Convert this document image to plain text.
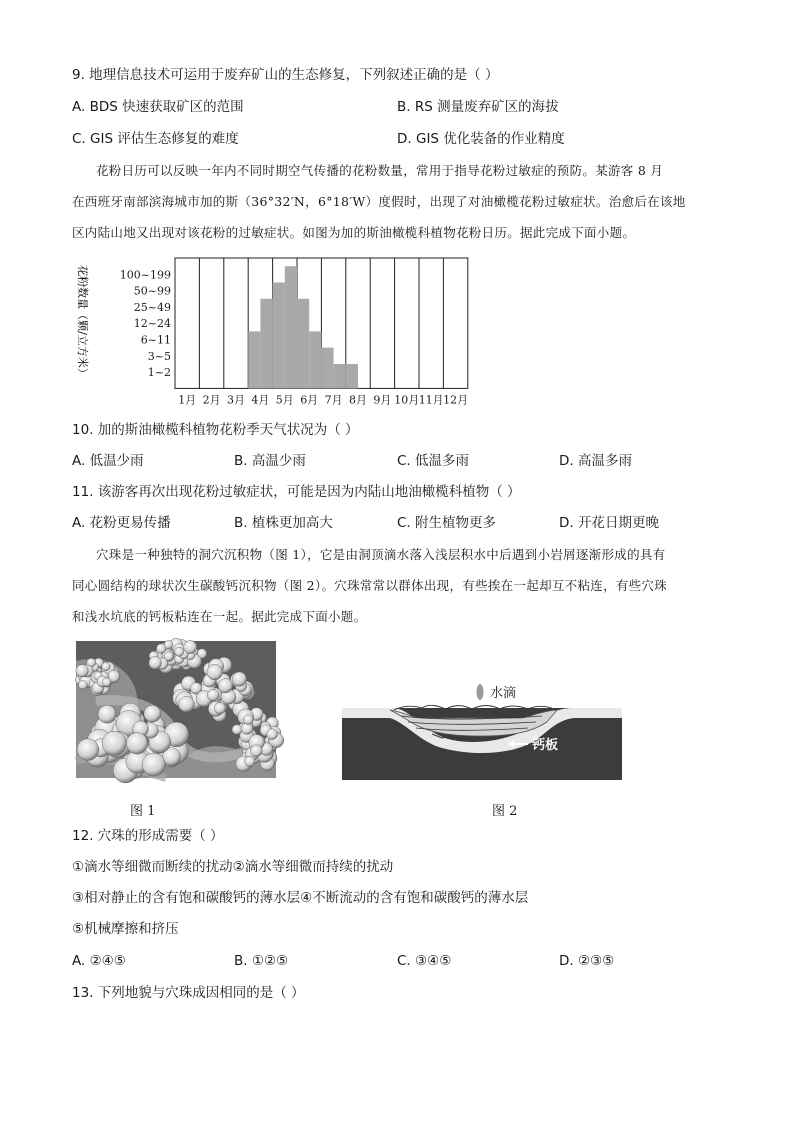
9. 地理信息技术可运用于废弃矿山的生态修复，下列叙述正确的是（ ）
A. BDS 快速获取矿区的范围	B. RS 测量废弃矿区的海拔
C. GIS 评估生态修复的难度	D. GIS 优化装备的作业精度
花粉日历可以反映一年内不同时期空气传播的花粉数量，常用于指导花粉过敏症的预防。某游客 8 月
在西班牙南部滨海城市加的斯（36°32′N，6°18′W）度假时，出现了对油橄榄花粉过敏症状。治愈后在该地
区内陆山地又出现对该花粉的过敏症状。如图为加的斯油橄榄科植物花粉日历。据此完成下面小题。
1~2
3~5
6~11
12~24
25~49
50~99
100~199
1月 2月 3月 4月 5月 6月 7月 8月 9月 10月 11月 12月
花粉数量（颗/立方米）
10. 加的斯油橄榄科植物花粉季天气状况为（ ）
A. 低温少雨	B. 高温少雨	C. 低温多雨	D. 高温多雨
11. 该游客再次出现花粉过敏症状，可能是因为内陆山地油橄榄科植物（ ）
A. 花粉更易传播	B. 植株更加高大	C. 附生植物更多	D. 开花日期更晚
穴珠是一种独特的洞穴沉积物（图 1），它是由洞顶滴水落入浅层积水中后遇到小岩屑逐渐形成的具有
同心圆结构的球状次生碳酸钙沉积物（图 2）。穴珠常常以群体出现，有些挨在一起却互不粘连，有些穴珠
和浅水坑底的钙板粘连在一起。据此完成下面小题。
图 1
水滴
钙板
图 2
12. 穴珠的形成需要（ ）
①滴水等细微而断续的扰动②滴水等细微而持续的扰动
③相对静止的含有饱和碳酸钙的薄水层④不断流动的含有饱和碳酸钙的薄水层
⑤机械摩擦和挤压
A. ②④⑤	B. ①②⑤	C. ③④⑤	D. ②③⑤
13. 下列地貌与穴珠成因相同的是（ ）
